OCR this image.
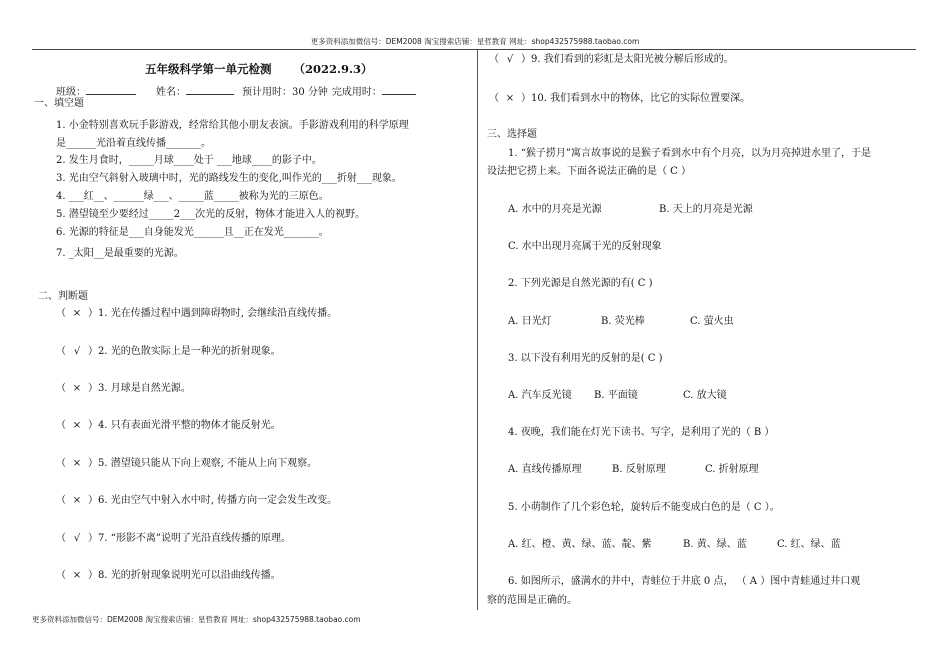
更多资料添加微信号：DEM2008 淘宝搜索店铺：星哲教育 网址：shop432575988.taobao.com
五年级科学第一单元检测 （2022.9.3）
班级：	姓名：	预计用时：30 分钟 完成用时：
一、填空题
1. 小金特别喜欢玩手影游戏，经常给其他小朋友表演。手影游戏利用的科学原理
是______光沿着直线传播_______。
2. 发生月食时，_____月球____处于 ___地球____的影子中。
3. 光由空气斜射入玻璃中时，光的路线发生的变化,叫作光的___折射___现象。
4. ___红__、______绿___、_____蓝_____被称为光的三原色。
5. 潜望镜至少要经过_____2___次光的反射，物体才能进入人的视野。
6. 光源的特征是___自身能发光______且__正在发光_______。
7. _太阳__是最重要的光源。
二、判断题
（ × ）1. 光在传播过程中遇到障碍物时, 会继续沿直线传播。
（ √ ）2. 光的色散实际上是一种光的折射现象。
（ × ）3. 月球是自然光源。
（ × ）4. 只有表面光滑平整的物体才能反射光。
（ × ）5. 潜望镜只能从下向上观察, 不能从上向下观察。
（ × ）6. 光由空气中射入水中时, 传播方向一定会发生改变。
（ √ ）7. “形影不离”说明了光沿直线传播的原理。
（ × ）8. 光的折射现象说明光可以沿曲线传播。
（ √ ）9. 我们看到的彩虹是太阳光被分解后形成的。
（ × ）10. 我们看到水中的物体，比它的实际位置要深。
三、选择题
1. “猴子捞月”寓言故事说的是猴子看到水中有个月亮，以为月亮掉进水里了，于是
设法把它捞上来。下面各说法正确的是（ C ）
A. 水中的月亮是光源	B. 天上的月亮是光源
C. 水中出现月亮属于光的反射现象
2. 下列光源是自然光源的有( C )
A. 日光灯	B. 荧光棒	C. 萤火虫
3. 以下没有利用光的反射的是( C )
A. 汽车反光镜 B. 平面镜	C. 放大镜
4. 夜晚，我们能在灯光下读书、写字，是利用了光的（ B ）
A. 直线传播原理	B. 反射原理	C. 折射原理
5. 小萌制作了几个彩色轮，旋转后不能变成白色的是（ C ）。
A. 红、橙、黄、绿、蓝、靛、紫	B. 黄、绿、蓝	C. 红、绿、蓝
6. 如图所示，盛满水的井中，青蛙位于井底 0 点， （ A ）图中青蛙通过井口观
察的范围是正确的。
更多资料添加微信号：DEM2008 淘宝搜索店铺：星哲教育 网址：shop432575988.taobao.com
